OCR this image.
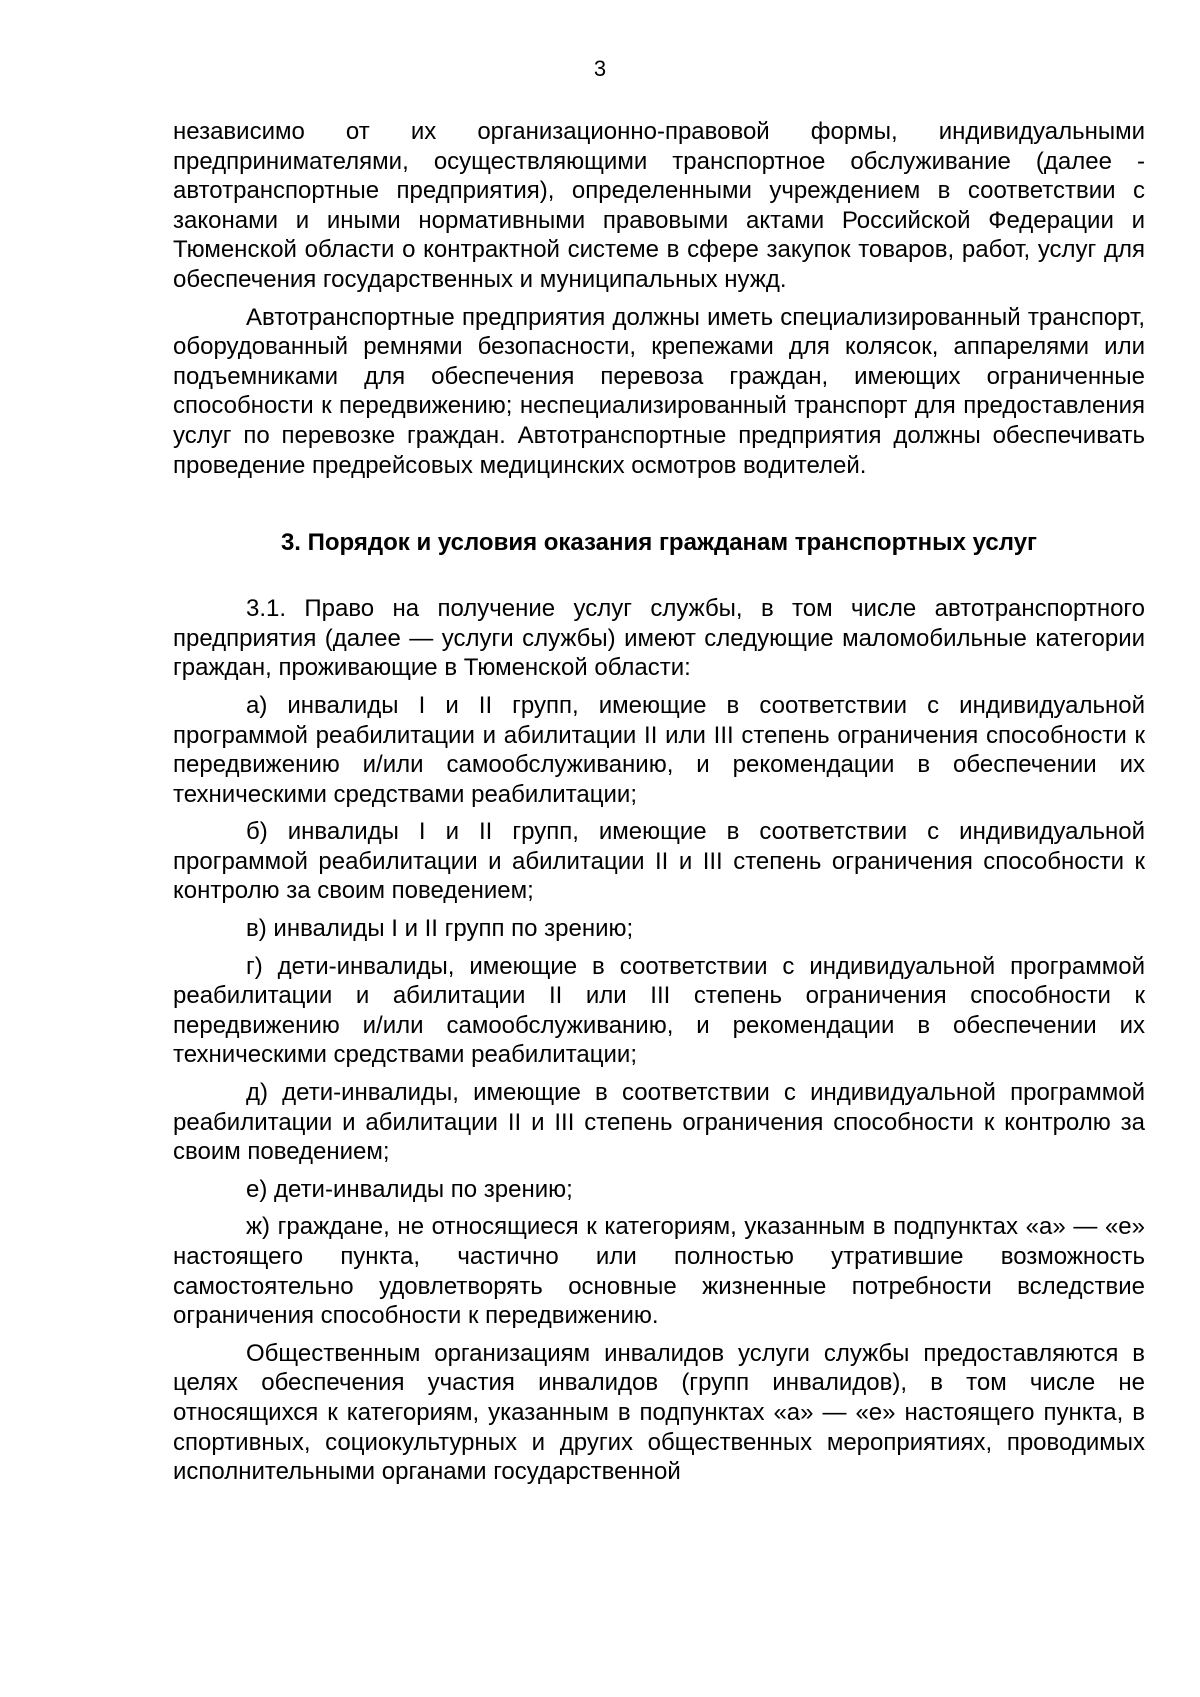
3

независимо от их организационно-правовой формы, индивидуальными предпринимателями, осуществляющими транспортное обслуживание (далее - автотранспортные предприятия), определенными учреждением в соответствии с законами и иными нормативными правовыми актами Российской Федерации и Тюменской области о контрактной системе в сфере закупок товаров, работ, услуг для обеспечения государственных и муниципальных нужд.

Автотранспортные предприятия должны иметь специализированный транспорт, оборудованный ремнями безопасности, крепежами для колясок, аппарелями или подъемниками для обеспечения перевоза граждан, имеющих ограниченные способности к передвижению; неспециализированный транспорт для предоставления услуг по перевозке граждан. Автотранспортные предприятия должны обеспечивать проведение предрейсовых медицинских осмотров водителей.

3. Порядок и условия оказания гражданам транспортных услуг

3.1. Право на получение услуг службы, в том числе автотранспортного предприятия (далее — услуги службы) имеют следующие маломобильные категории граждан, проживающие в Тюменской области:

а) инвалиды I и II групп, имеющие в соответствии с индивидуальной программой реабилитации и абилитации II или III степень ограничения способности к передвижению и/или самообслуживанию, и рекомендации в обеспечении их техническими средствами реабилитации;

б) инвалиды I и II групп, имеющие в соответствии с индивидуальной программой реабилитации и абилитации II и III степень ограничения способности к контролю за своим поведением;

в) инвалиды I и II групп по зрению;

г) дети-инвалиды, имеющие в соответствии с индивидуальной программой реабилитации и абилитации II или III степень ограничения способности к передвижению и/или самообслуживанию, и рекомендации в обеспечении их техническими средствами реабилитации;

д) дети-инвалиды, имеющие в соответствии с индивидуальной программой реабилитации и абилитации II и III степень ограничения способности к контролю за своим поведением;

е) дети-инвалиды по зрению;

ж) граждане, не относящиеся к категориям, указанным в подпунктах «а» — «е» настоящего пункта, частично или полностью утратившие возможность самостоятельно удовлетворять основные жизненные потребности вследствие ограничения способности к передвижению.

Общественным организациям инвалидов услуги службы предоставляются в целях обеспечения участия инвалидов (групп инвалидов), в том числе не относящихся к категориям, указанным в подпунктах «а» — «е» настоящего пункта, в спортивных, социокультурных и других общественных мероприятиях, проводимых исполнительными органами государственной
